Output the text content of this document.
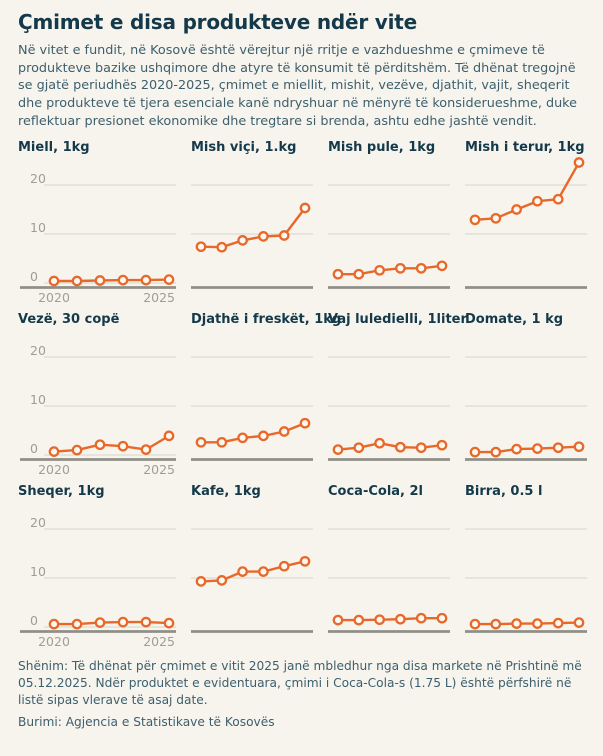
Çmimet e disa produkteve ndër vite

Në vitet e fundit, në Kosovë është vërejtur një rritje e vazhdueshme e çmimeve të produkteve bazike ushqimore dhe atyre të konsumit të përditshëm. Të dhënat tregojnë se gjatë periudhës 2020-2025, çmimet e miellit, mishit, vezëve, djathit, vajit, sheqerit dhe produkteve të tjera esenciale kanë ndryshuar në mënyrë të konsiderueshme, duke reflektuar presionet ekonomike dhe tregtare si brenda, ashtu edhe jashtë vendit.

Miell, 1kg
0
10
20
2020	2025
Mish viçi, 1.kg	Mish pule, 1kg	Mish i terur, 1kg
Vezë, 30 copë
0
10
20
2020	2025
Djathë i freskët, 1kg
Vaj luledielli, 1liter
Domate, 1 kg
Sheqer, 1kg
0
10
20
2020	2025
Kafe, 1kg	Coca-Cola, 2l	Birra, 0.5 l

Shënim: Të dhënat për çmimet e vitit 2025 janë mbledhur nga disa markete në Prishtinë më 05.12.2025. Ndër produktet e evidentuara, çmimi i Coca-Cola-s (1.75 L) është përfshirë në listë sipas vlerave të asaj date.

Burimi: Agjencia e Statistikave të Kosovës
